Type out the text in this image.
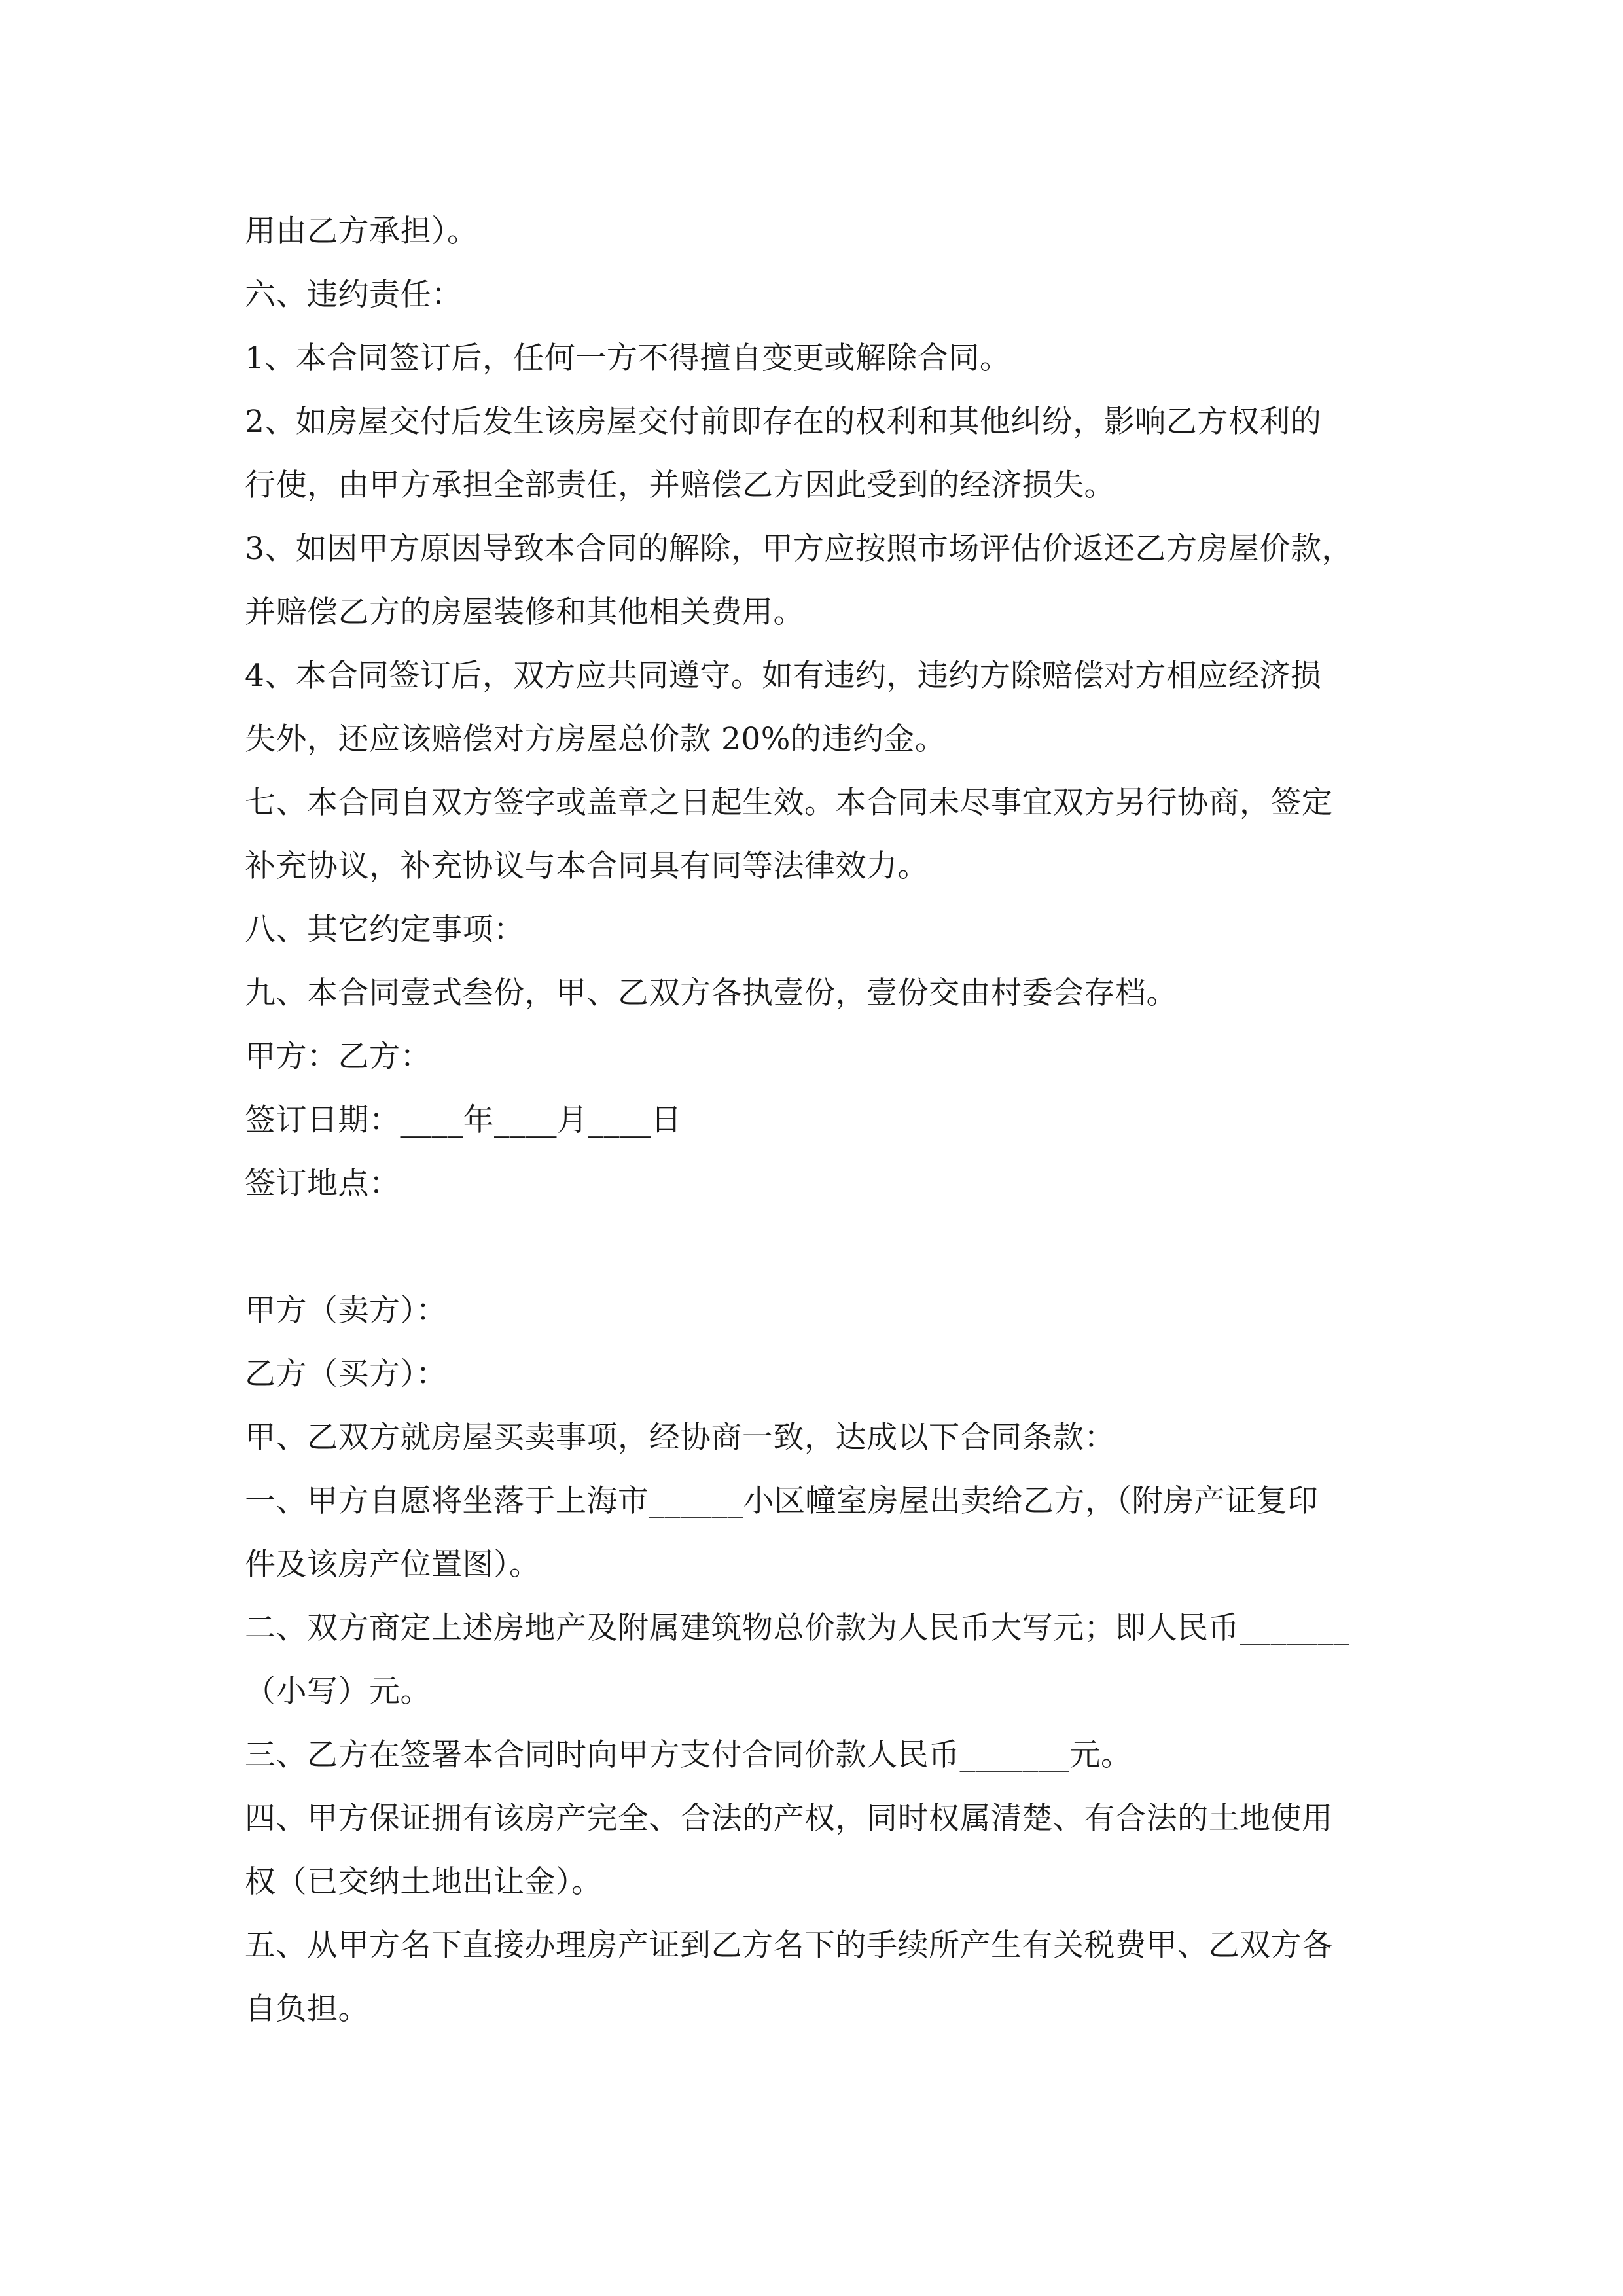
用由乙方承担）。
六、违约责任：
1、本合同签订后，任何一方不得擅自变更或解除合同。
2、如房屋交付后发生该房屋交付前即存在的权利和其他纠纷，影响乙方权利的
行使，由甲方承担全部责任，并赔偿乙方因此受到的经济损失。
3、如因甲方原因导致本合同的解除，甲方应按照市场评估价返还乙方房屋价款，
并赔偿乙方的房屋装修和其他相关费用。
4、本合同签订后，双方应共同遵守。如有违约，违约方除赔偿对方相应经济损
失外，还应该赔偿对方房屋总价款 20%的违约金。
七、本合同自双方签字或盖章之日起生效。本合同未尽事宜双方另行协商，签定
补充协议，补充协议与本合同具有同等法律效力。
八、其它约定事项：
九、本合同壹式叁份，甲、乙双方各执壹份，壹份交由村委会存档。
甲方：乙方：
签订日期：____年____月____日
签订地点：
甲方（卖方）：
乙方（买方）：
甲、乙双方就房屋买卖事项，经协商一致，达成以下合同条款：
一、甲方自愿将坐落于上海市______小区幢室房屋出卖给乙方，（附房产证复印
件及该房产位置图）。
二、双方商定上述房地产及附属建筑物总价款为人民币大写元；即人民币_______
（小写）元。
三、乙方在签署本合同时向甲方支付合同价款人民币_______元。
四、甲方保证拥有该房产完全、合法的产权，同时权属清楚、有合法的土地使用
权（已交纳土地出让金）。
五、从甲方名下直接办理房产证到乙方名下的手续所产生有关税费甲、乙双方各
自负担。
